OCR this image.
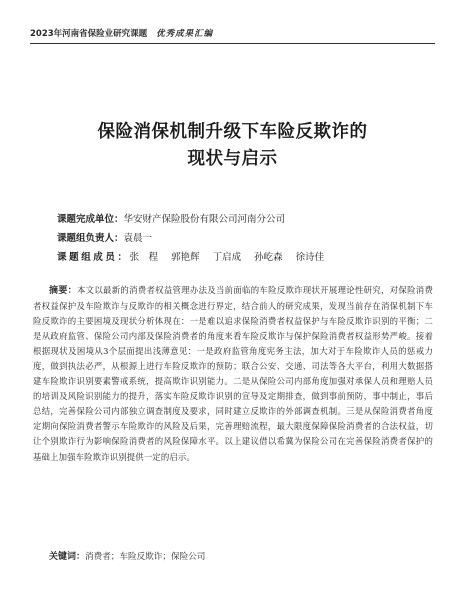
2023年河南省保险业研究课题 优秀成果汇编
保险消保机制升级下车险反欺诈的
现状与启示
课题完成单位：华安财产保险股份有限公司河南分公司
课题组负责人：袁晨一
课题组成员：张　程 郭艳辉 丁启成 孙屹森 徐诗佳
摘要：本文以最新的消费者权益管理办法及当前面临的车险反欺诈现状开展理论性研究，对保险消费者权益保护及车险欺诈与反欺诈的相关概念进行界定，结合前人的研究成果，发现当前存在消保机制下车险反欺诈的主要困境及现状分析体现在：一是难以追求保险消费者权益保护与车险反欺诈识别的平衡；二是从政府监管、保险公司内部及保险消费者的角度来看车险反欺诈与保护保险消费者权益形势严峻。接着根据现状及困境从3个层面提出浅薄意见：一是政府监管角度宪务主法，加大对于车险欺诈人员的惩戒力度，做到执法必严，从根源上进行车险反欺诈的预防；联合公安、交通、司法等各大平台，利用大数据搭建车险欺诈识别要素警戒系统，提高欺诈识别能力。二是从保险公司内部角度加强对承保人员和理赔人员的培训及风险识别能力的提升，落实车险反欺诈识别的宣导及定期排查，做到事前预防，事中制止，事后总结，完善保险公司内部独立调查制度及要求，同时建立反欺诈的外部调查机制。三是从保险消费者角度定期向保险消费者警示车险欺诈的风险及后果，完善理赔流程，最大限度保障保险消费者的合法权益，切让个别欺诈行为影响保险消费者的风险保障水平。以上建议借以希冀为保险公司在完善保险消费者保护的基础上加强车险欺诈识别提供一定的启示。
关键词：消费者；车险反欺诈；保险公司
